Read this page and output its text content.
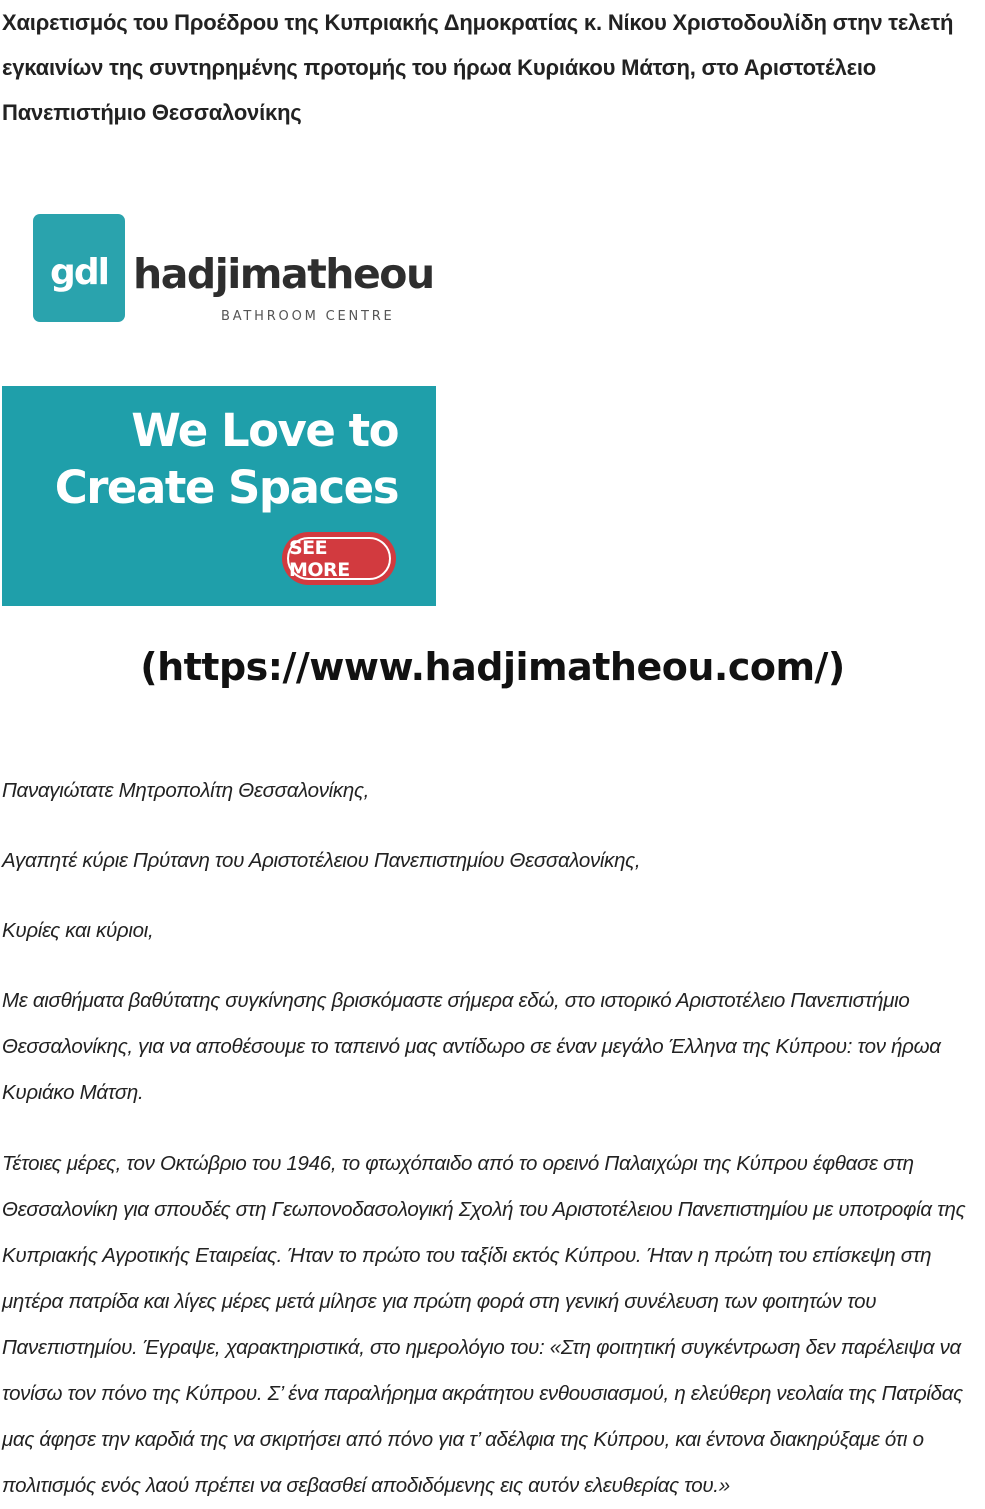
Χαιρετισμός του Προέδρου της Κυπριακής Δημοκρατίας κ. Νίκου Χριστοδουλίδη στην τελετή εγκαινίων της συντηρημένης προτομής του ήρωα Κυριάκου Μάτση, στο Αριστοτέλειο Πανεπιστήμιο Θεσσαλονίκης
gdl hadjimatheou
BATHROOM CENTRE
We Love to
Create Spaces
SEE MORE
(https://www.hadjimatheou.com/)

Παναγιώτατε Μητροπολίτη Θεσσαλονίκης,

Αγαπητέ κύριε Πρύτανη του Αριστοτέλειου Πανεπιστημίου Θεσσαλονίκης,

Κυρίες και κύριοι,

Με αισθήματα βαθύτατης συγκίνησης βρισκόμαστε σήμερα εδώ, στο ιστορικό Αριστοτέλειο Πανεπιστήμιο Θεσσαλονίκης, για να αποθέσουμε το ταπεινό μας αντίδωρο σε έναν μεγάλο Έλληνα της Κύπρου: τον ήρωα Κυριάκο Μάτση.

Τέτοιες μέρες, τον Οκτώβριο του 1946, το φτωχόπαιδο από το ορεινό Παλαιχώρι της Κύπρου έφθασε στη Θεσσαλονίκη για σπουδές στη Γεωπονοδασολογική Σχολή του Αριστοτέλειου Πανεπιστημίου με υποτροφία της Κυπριακής Αγροτικής Εταιρείας. Ήταν το πρώτο του ταξίδι εκτός Κύπρου. Ήταν η πρώτη του επίσκεψη στη μητέρα πατρίδα και λίγες μέρες μετά μίλησε για πρώτη φορά στη γενική συνέλευση των φοιτητών του Πανεπιστημίου. Έγραψε, χαρακτηριστικά, στο ημερολόγιο του: «Στη φοιτητική συγκέντρωση δεν παρέλειψα να τονίσω τον πόνο της Κύπρου. Σ’ ένα παραλήρημα ακράτητου ενθουσιασμού, η ελεύθερη νεολαία της Πατρίδας μας άφησε την καρδιά της να σκιρτήσει από πόνο για τ’ αδέλφια της Κύπρου, και έντονα διακηρύξαμε ότι ο πολιτισμός ενός λαού πρέπει να σεβασθεί αποδιδόμενης εις αυτόν ελευθερίας του.»
